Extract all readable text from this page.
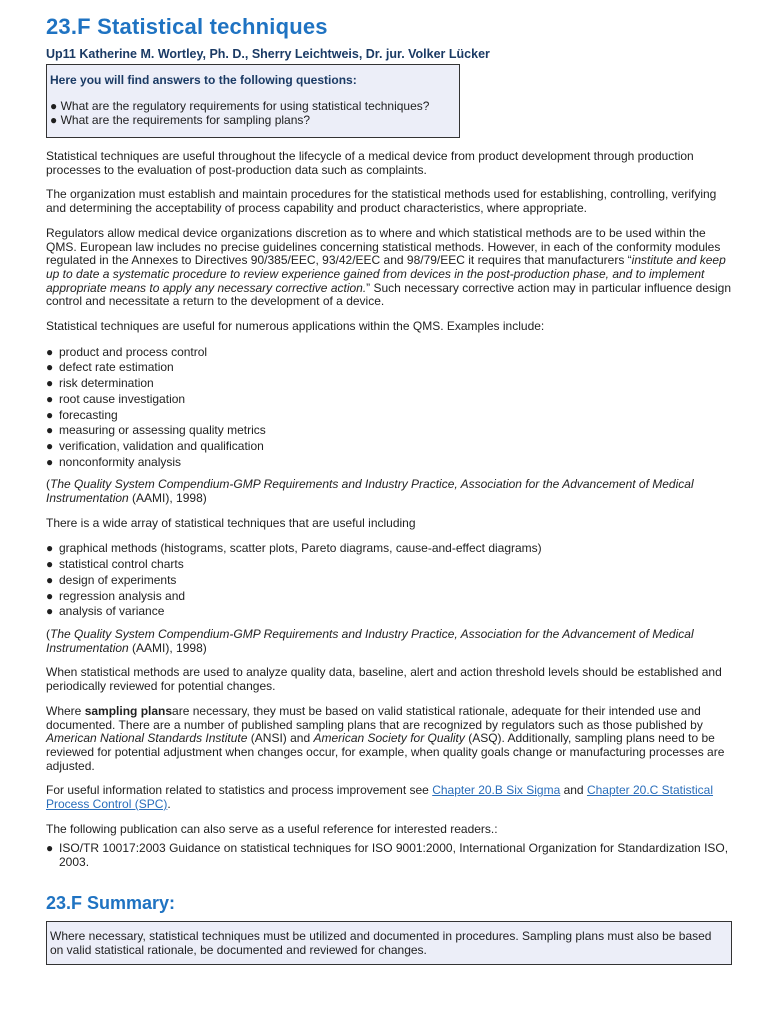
23.F Statistical techniques
Up11 Katherine M. Wortley, Ph. D., Sherry Leichtweis, Dr. jur. Volker Lücker
Here you will find answers to the following questions:
● What are the regulatory requirements for using statistical techniques?
● What are the requirements for sampling plans?

Statistical techniques are useful throughout the lifecycle of a medical device from product development through production processes to the evaluation of post-production data such as complaints.

The organization must establish and maintain procedures for the statistical methods used for establishing, controlling, verifying and determining the acceptability of process capability and product characteristics, where appropriate.

Regulators allow medical device organizations discretion as to where and which statistical methods are to be used within the QMS. European law includes no precise guidelines concerning statistical methods. However, in each of the conformity modules regulated in the Annexes to Directives 90/385/EEC, 93/42/EEC and 98/79/EEC it requires that manufacturers “institute and keep up to date a systematic procedure to review experience gained from devices in the post-production phase, and to implement appropriate means to apply any necessary corrective action.” Such necessary corrective action may in particular influence design control and necessitate a return to the development of a device.

Statistical techniques are useful for numerous applications within the QMS. Examples include:

● product and process control
● defect rate estimation
● risk determination
● root cause investigation
● forecasting
● measuring or assessing quality metrics
● verification, validation and qualification
● nonconformity analysis

(The Quality System Compendium-GMP Requirements and Industry Practice, Association for the Advancement of Medical Instrumentation (AAMI), 1998)

There is a wide array of statistical techniques that are useful including

● graphical methods (histograms, scatter plots, Pareto diagrams, cause-and-effect diagrams)
● statistical control charts
● design of experiments
● regression analysis and
● analysis of variance

(The Quality System Compendium-GMP Requirements and Industry Practice, Association for the Advancement of Medical Instrumentation (AAMI), 1998)

When statistical methods are used to analyze quality data, baseline, alert and action threshold levels should be established and periodically reviewed for potential changes.

Where sampling plansare necessary, they must be based on valid statistical rationale, adequate for their intended use and documented. There are a number of published sampling plans that are recognized by regulators such as those published by American National Standards Institute (ANSI) and American Society for Quality (ASQ). Additionally, sampling plans need to be reviewed for potential adjustment when changes occur, for example, when quality goals change or manufacturing processes are adjusted.

For useful information related to statistics and process improvement see Chapter 20.B Six Sigma and Chapter 20.C Statistical Process Control (SPC).

The following publication can also serve as a useful reference for interested readers.:

● ISO/TR 10017:2003 Guidance on statistical techniques for ISO 9001:2000, International Organization for Standardization ISO, 2003.
23.F Summary:
Where necessary, statistical techniques must be utilized and documented in procedures. Sampling plans must also be based on valid statistical rationale, be documented and reviewed for changes.
